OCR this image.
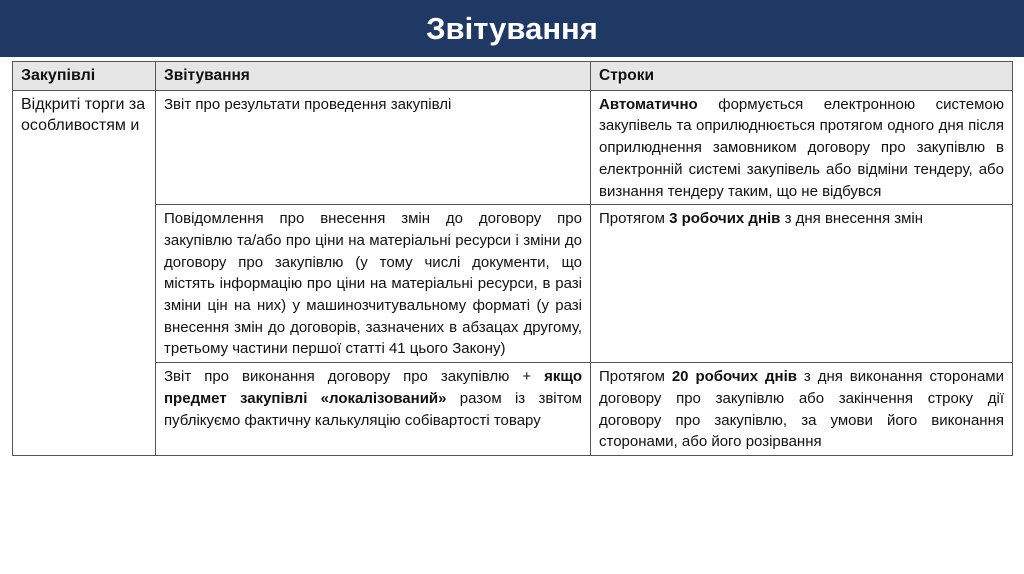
Звітування
Закупівлі	Звітування	Строки
Відкриті торги за особливостям и	Звіт про результати проведення закупівлі	Автоматично формується електронною системою закупівель та оприлюднюється протягом одного дня після оприлюднення замовником договору про закупівлю в електронній системі закупівель або відміни тендеру, або визнання тендеру таким, що не відбувся
	Повідомлення про внесення змін до договору про закупівлю та/або про ціни на матеріальні ресурси і зміни до договору про закупівлю (у тому числі документи, що містять інформацію про ціни на матеріальні ресурси, в разі зміни цін на них) у машинозчитувальному форматі (у разі внесення змін до договорів, зазначених в абзацах другому, третьому частини першої статті 41 цього Закону)	Протягом 3 робочих днів з дня внесення змін
	Звіт про виконання договору про закупівлю + якщо предмет закупівлі «локалізований» разом із звітом публікуємо фактичну калькуляцію собівартості товару	Протягом 20 робочих днів з дня виконання сторонами договору про закупівлю або закінчення строку дії договору про закупівлю, за умови його виконання сторонами, або його розірвання
